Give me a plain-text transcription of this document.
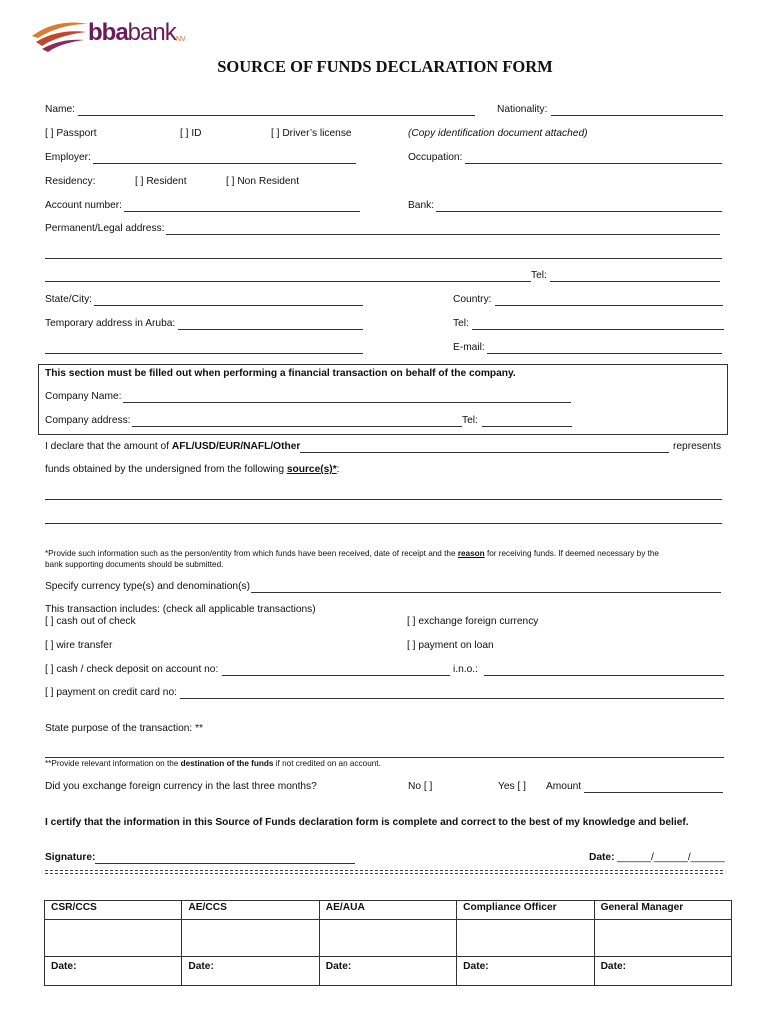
bbabank NV
SOURCE OF FUNDS DECLARATION FORM
Name:	Nationality:
[ ] Passport	[ ] ID	[ ] Driver’s license	(Copy identification document attached)
Employer:	Occupation:
Residency:	[ ] Resident	[ ] Non Resident
Account number:	Bank:
Permanent/Legal address:
Tel:
State/City:	Country:
Temporary address in Aruba:	Tel:
E-mail:
This section must be filled out when performing a financial transaction on behalf of the company.
Company Name:
Company address:	Tel:
I declare that the amount of AFL/USD/EUR/NAFL/Other	represents
funds obtained by the undersigned from the following source(s)*:
*Provide such information such as the person/entity from which funds have been received, date of receipt and the reason for receiving funds. If deemed necessary by the
bank supporting documents should be submitted.
Specify currency type(s) and denomination(s)
This transaction includes: (check all applicable transactions)
[ ] cash out of check	[ ] exchange foreign currency
[ ] wire transfer	[ ] payment on loan
[ ] cash / check deposit on account no:	i.n.o.:
[ ] payment on credit card no:
State purpose of the transaction: **
**Provide relevant information on the destination of the funds if not credited on an account.
Did you exchange foreign currency in the last three months?	No [ ]	Yes [ ] Amount
I certify that the information in this Source of Funds declaration form is complete and correct to the best of my knowledge and belief.
Signature:	Date: ______/______/______
CSR/CCS	AE/CCS	AE/AUA	Compliance Officer	General Manager

Date:	Date:	Date:	Date:	Date:
